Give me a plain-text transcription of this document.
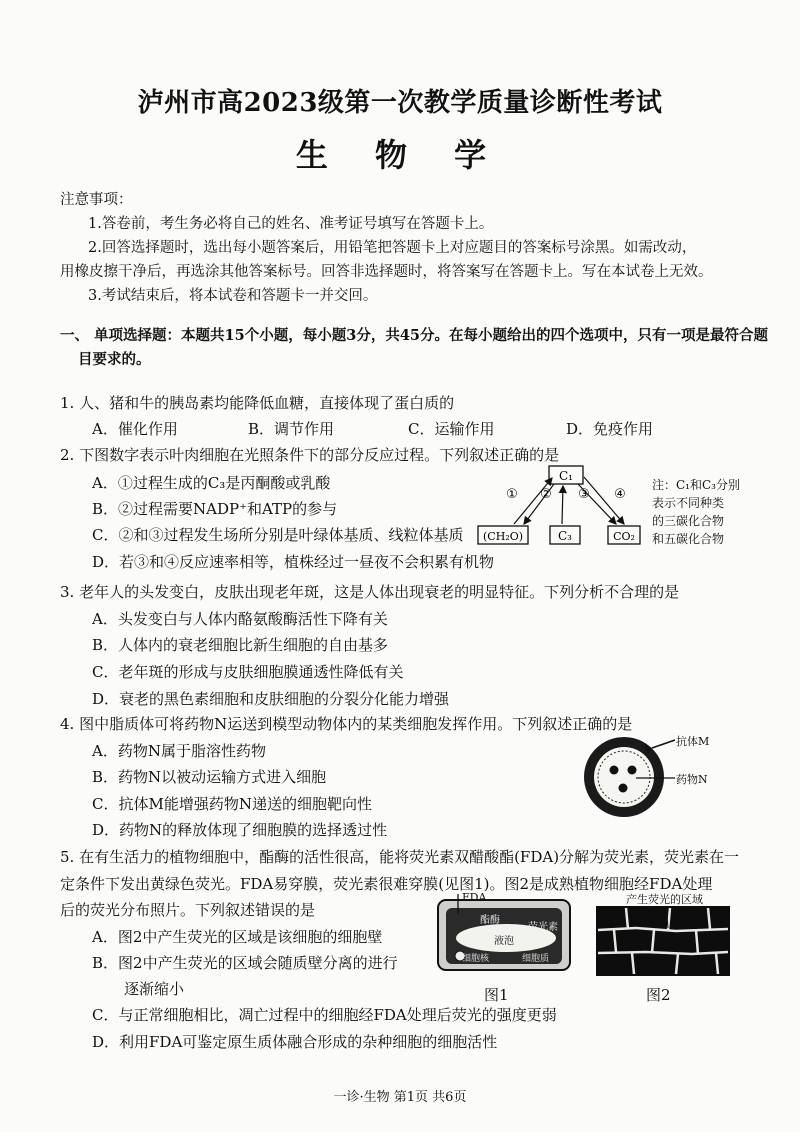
泸州市高2023级第一次教学质量诊断性考试
生 物 学
注意事项：
1.答卷前，考生务必将自己的姓名、准考证号填写在答题卡上。
2.回答选择题时，选出每小题答案后，用铅笔把答题卡上对应题目的答案标号涂黑。如需改动，
用橡皮擦干净后，再选涂其他答案标号。回答非选择题时，将答案写在答题卡上。写在本试卷上无效。
3.考试结束后，将本试卷和答题卡一并交回。
一、 单项选择题：本题共15个小题，每小题3分，共45分。在每小题给出的四个选项中，只有一项是最符合题
目要求的。
1. 人、猪和牛的胰岛素均能降低血糖，直接体现了蛋白质的
A．催化作用	B．调节作用	C．运输作用	D．免疫作用
2. 下图数字表示叶肉细胞在光照条件下的部分反应过程。下列叙述正确的是
A．①过程生成的C₃是丙酮酸或乳酸
B．②过程需要NADP⁺和ATP的参与
C．②和③过程发生场所分别是叶绿体基质、线粒体基质
D．若③和④反应速率相等，植株经过一昼夜不会积累有机物
C₁
(CH₂O)	C₃	CO₂
① ② ③ ④
注：C₁和C₃分别
表示不同种类
的三碳化合物
和五碳化合物
3. 老年人的头发变白，皮肤出现老年斑，这是人体出现衰老的明显特征。下列分析不合理的是
A．头发变白与人体内酪氨酸酶活性下降有关
B．人体内的衰老细胞比新生细胞的自由基多
C．老年斑的形成与皮肤细胞膜通透性降低有关
D．衰老的黑色素细胞和皮肤细胞的分裂分化能力增强
4. 图中脂质体可将药物N运送到模型动物体内的某类细胞发挥作用。下列叙述正确的是
A．药物N属于脂溶性药物
B．药物N以被动运输方式进入细胞
C．抗体M能增强药物N递送的细胞靶向性
D．药物N的释放体现了细胞膜的选择透过性
抗体M
药物N
5. 在有生活力的植物细胞中，酯酶的活性很高，能将荧光素双醋酸酯(FDA)分解为荧光素，荧光素在一
定条件下发出黄绿色荧光。FDA易穿膜，荧光素很难穿膜(见图1)。图2是成熟植物细胞经FDA处理
后的荧光分布照片。下列叙述错误的是
A．图2中产生荧光的区域是该细胞的细胞壁
B．图2中产生荧光的区域会随质壁分离的进行
逐渐缩小
C．与正常细胞相比，凋亡过程中的细胞经FDA处理后荧光的强度更弱
D．利用FDA可鉴定原生质体融合形成的杂种细胞的细胞活性
FDA
酯酶
荧光素
液泡
细胞核	细胞质
图1
产生荧光的区域
图2
一诊·生物 第1页 共6页
